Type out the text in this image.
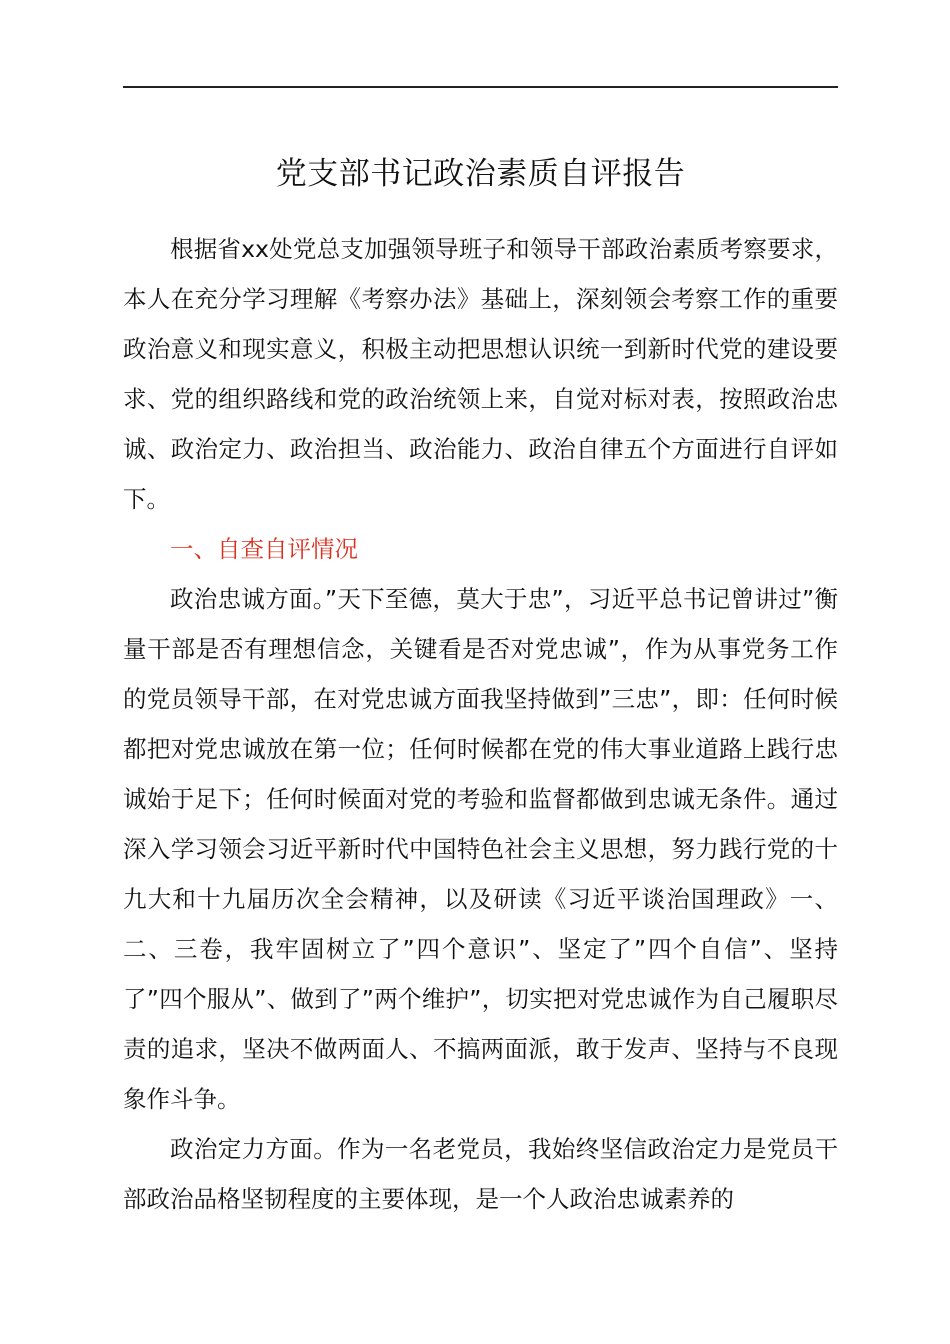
党支部书记政治素质自评报告

根据省xx处党总支加强领导班子和领导干部政治素质考察要求，本人在充分学习理解《考察办法》基础上，深刻领会考察工作的重要政治意义和现实意义，积极主动把思想认识统一到新时代党的建设要求、党的组织路线和党的政治统领上来，自觉对标对表，按照政治忠诚、政治定力、政治担当、政治能力、政治自律五个方面进行自评如下。

一、自查自评情况

政治忠诚方面。”天下至德，莫大于忠”，习近平总书记曾讲过”衡量干部是否有理想信念，关键看是否对党忠诚”，作为从事党务工作的党员领导干部，在对党忠诚方面我坚持做到”三忠”，即：任何时候都把对党忠诚放在第一位；任何时候都在党的伟大事业道路上践行忠诚始于足下；任何时候面对党的考验和监督都做到忠诚无条件。通过深入学习领会习近平新时代中国特色社会主义思想，努力践行党的十九大和十九届历次全会精神，以及研读《习近平谈治国理政》一、二、三卷，我牢固树立了”四个意识”、坚定了”四个自信”、坚持了”四个服从”、做到了”两个维护”，切实把对党忠诚作为自己履职尽责的追求，坚决不做两面人、不搞两面派，敢于发声、坚持与不良现象作斗争。

政治定力方面。作为一名老党员，我始终坚信政治定力是党员干部政治品格坚韧程度的主要体现，是一个人政治忠诚素养的
